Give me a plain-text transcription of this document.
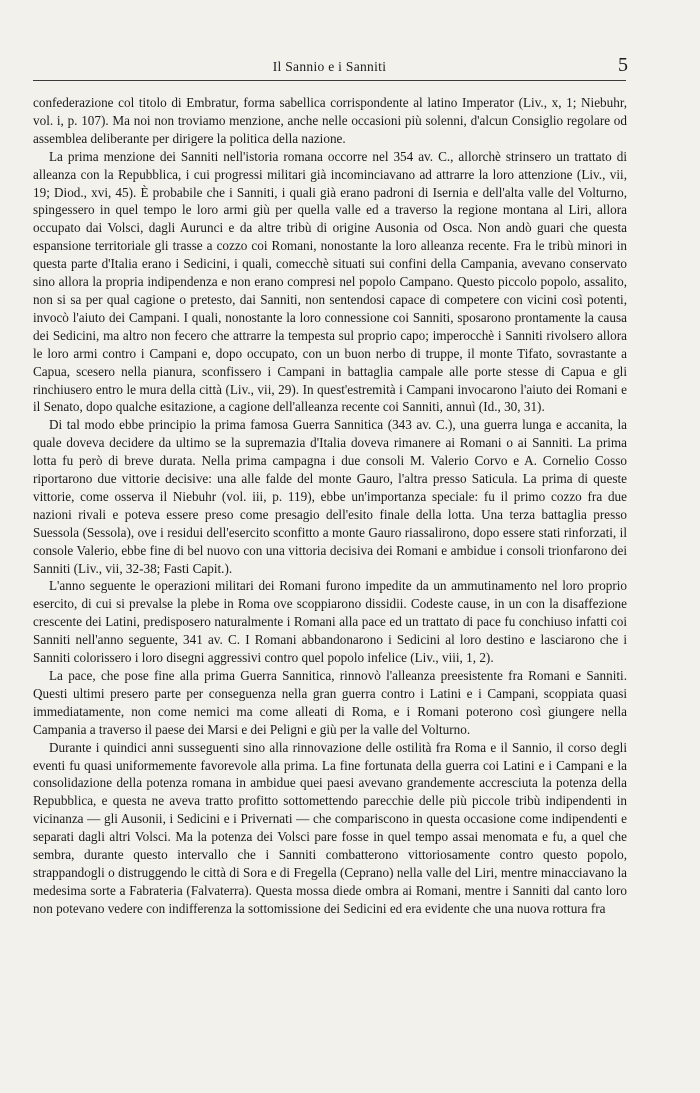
Il Sannio e i Sanniti	5

confederazione col titolo di Embratur, forma sabellica corrispondente al latino Imperator (Liv., x, 1; Niebuhr, vol. i, p. 107). Ma noi non troviamo menzione, anche nelle occasioni più solenni, d'alcun Consiglio regolare od assemblea deliberante per dirigere la politica della nazione.

La prima menzione dei Sanniti nell'istoria romana occorre nel 354 av. C., allorchè strinsero un trattato di alleanza con la Repubblica, i cui progressi militari già incominciavano ad attrarre la loro attenzione (Liv., vii, 19; Diod., xvi, 45). È probabile che i Sanniti, i quali già erano padroni di Isernia e dell'alta valle del Volturno, spingessero in quel tempo le loro armi giù per quella valle ed a traverso la regione montana al Liri, allora occupato dai Volsci, dagli Aurunci e da altre tribù di origine Ausonia od Osca. Non andò guari che questa espansione territoriale gli trasse a cozzo coi Romani, nonostante la loro alleanza recente. Fra le tribù minori in questa parte d'Italia erano i Sedicini, i quali, comecchè situati sui confini della Campania, avevano conservato sino allora la propria indipendenza e non erano compresi nel popolo Campano. Questo piccolo popolo, assalito, non si sa per qual cagione o pretesto, dai Sanniti, non sentendosi capace di competere con vicini così potenti, invocò l'aiuto dei Campani. I quali, nonostante la loro connessione coi Sanniti, sposarono prontamente la causa dei Sedicini, ma altro non fecero che attrarre la tempesta sul proprio capo; imperocchè i Sanniti rivolsero allora le loro armi contro i Campani e, dopo occupato, con un buon nerbo di truppe, il monte Tifato, sovrastante a Capua, scesero nella pianura, sconfissero i Campani in battaglia campale alle porte stesse di Capua e gli rinchiusero entro le mura della città (Liv., vii, 29). In quest'estremità i Campani invocarono l'aiuto dei Romani e il Senato, dopo qualche esitazione, a cagione dell'alleanza recente coi Sanniti, annuì (Id., 30, 31).

Di tal modo ebbe principio la prima famosa Guerra Sannitica (343 av. C.), una guerra lunga e accanita, la quale doveva decidere da ultimo se la supremazia d'Italia doveva rimanere ai Romani o ai Sanniti. La prima lotta fu però di breve durata. Nella prima campagna i due consoli M. Valerio Corvo e A. Cornelio Cosso riportarono due vittorie decisive: una alle falde del monte Gauro, l'altra presso Saticula. La prima di queste vittorie, come osserva il Niebuhr (vol. iii, p. 119), ebbe un'importanza speciale: fu il primo cozzo fra due nazioni rivali e poteva essere preso come presagio dell'esito finale della lotta. Una terza battaglia presso Suessola (Sessola), ove i residui dell'esercito sconfitto a monte Gauro riassalirono, dopo essere stati rinforzati, il console Valerio, ebbe fine di bel nuovo con una vittoria decisiva dei Romani e ambidue i consoli trionfarono dei Sanniti (Liv., vii, 32-38; Fasti Capit.).

L'anno seguente le operazioni militari dei Romani furono impedite da un ammutinamento nel loro proprio esercito, di cui si prevalse la plebe in Roma ove scoppiarono dissidii. Codeste cause, in un con la disaffezione crescente dei Latini, predisposero naturalmente i Romani alla pace ed un trattato di pace fu conchiuso infatti coi Sanniti nell'anno seguente, 341 av. C. I Romani abbandonarono i Sedicini al loro destino e lasciarono che i Sanniti colorissero i loro disegni aggressivi contro quel popolo infelice (Liv., viii, 1, 2).

La pace, che pose fine alla prima Guerra Sannitica, rinnovò l'alleanza preesistente fra Romani e Sanniti. Questi ultimi presero parte per conseguenza nella gran guerra contro i Latini e i Campani, scoppiata quasi immediatamente, non come nemici ma come alleati di Roma, e i Romani poterono così giungere nella Campania a traverso il paese dei Marsi e dei Peligni e giù per la valle del Volturno.

Durante i quindici anni susseguenti sino alla rinnovazione delle ostilità fra Roma e il Sannio, il corso degli eventi fu quasi uniformemente favorevole alla prima. La fine fortunata della guerra coi Latini e i Campani e la consolidazione della potenza romana in ambidue quei paesi avevano grandemente accresciuta la potenza della Repubblica, e questa ne aveva tratto profitto sottomettendo parecchie delle più piccole tribù indipendenti in vicinanza — gli Ausonii, i Sedicini e i Privernati — che compariscono in questa occasione come indipendenti e separati dagli altri Volsci. Ma la potenza dei Volsci pare fosse in quel tempo assai menomata e fu, a quel che sembra, durante questo intervallo che i Sanniti combatterono vittoriosamente contro questo popolo, strappandogli o distruggendo le città di Sora e di Fregella (Ceprano) nella valle del Liri, mentre minacciavano la medesima sorte a Fabrateria (Falvaterra). Questa mossa diede ombra ai Romani, mentre i Sanniti dal canto loro non potevano vedere con indifferenza la sottomissione dei Sedicini ed era evidente che una nuova rottura fra
